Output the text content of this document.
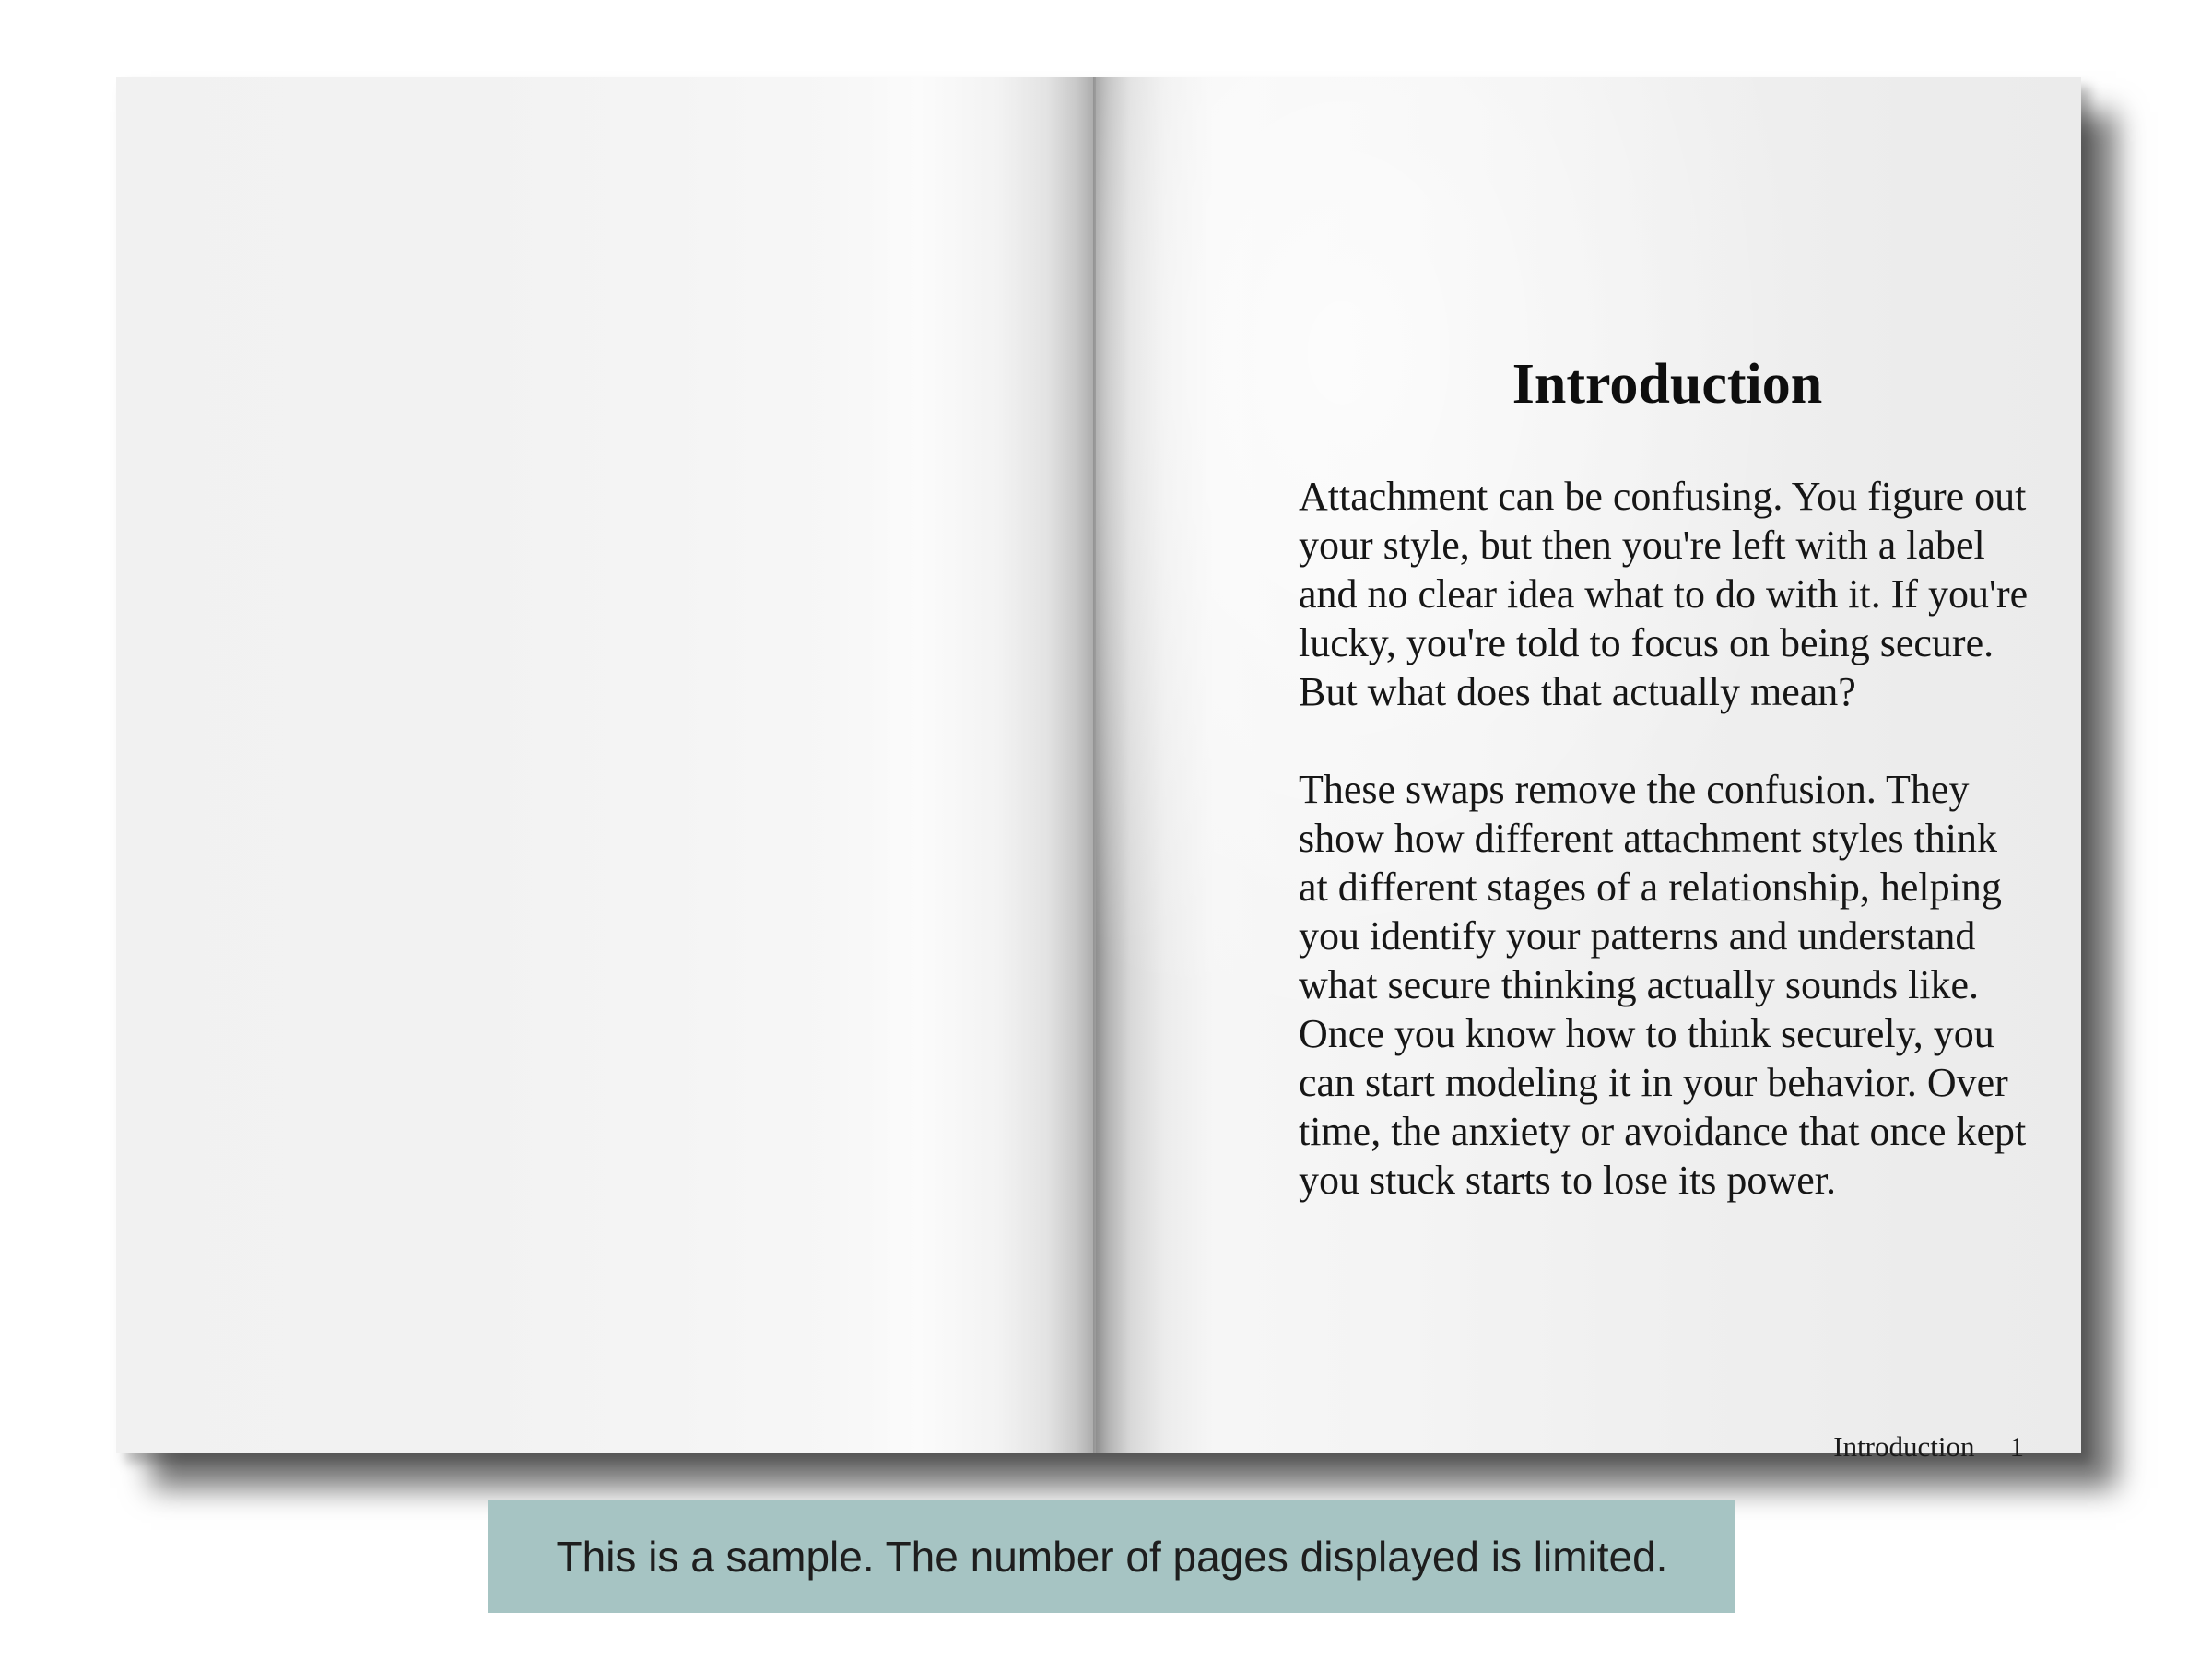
Introduction

Attachment can be confusing. You figure out your style, but then you're left with a label and no clear idea what to do with it. If you're lucky, you're told to focus on being secure. But what does that actually mean?

These swaps remove the confusion. They show how different attachment styles think at different stages of a relationship, helping you identify your patterns and understand what secure thinking actually sounds like. Once you know how to think securely, you can start modeling it in your behavior. Over time, the anxiety or avoidance that once kept you stuck starts to lose its power.

Introduction 1
This is a sample. The number of pages displayed is limited.
